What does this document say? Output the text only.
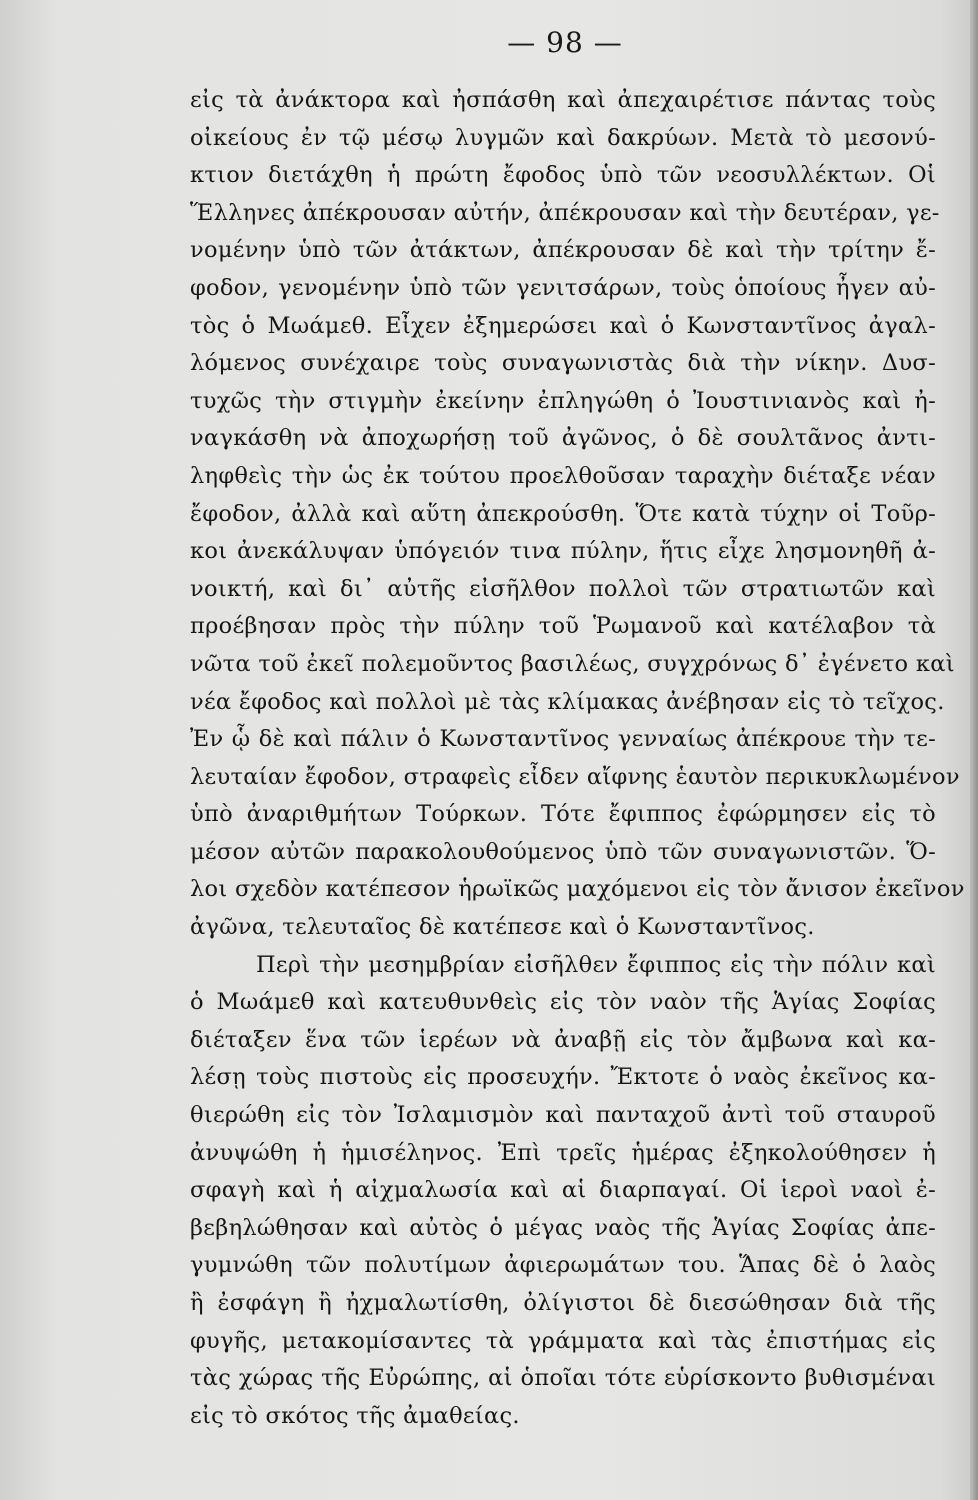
— 98 —
εἰς τὰ ἀνάκτορα καὶ ἠσπάσθη καὶ ἀπεχαιρέτισε πάντας τοὺς
οἰκείους ἐν τῷ μέσῳ λυγμῶν καὶ δακρύων. Μετὰ τὸ μεσονύ-
κτιον διετάχθη ἡ πρώτη ἔφοδος ὑπὸ τῶν νεοσυλλέκτων. Οἱ
Ἕλληνες ἀπέκρουσαν αὐτήν, ἀπέκρουσαν καὶ τὴν δευτέραν, γε-
νομένην ὑπὸ τῶν ἀτάκτων, ἀπέκρουσαν δὲ καὶ τὴν τρίτην ἔ-
φοδον, γενομένην ὑπὸ τῶν γενιτσάρων, τοὺς ὁποίους ἦγεν αὐ-
τὸς ὁ Μωάμεθ. Εἶχεν ἐξημερώσει καὶ ὁ Κωνσταντῖνος ἀγαλ-
λόμενος συνέχαιρε τοὺς συναγωνιστὰς διὰ τὴν νίκην. Δυσ-
τυχῶς τὴν στιγμὴν ἐκείνην ἐπληγώθη ὁ Ἰουστινιανὸς καὶ ἠ-
ναγκάσθη νὰ ἀποχωρήσῃ τοῦ ἀγῶνος, ὁ δὲ σουλτᾶνος ἀντι-
ληφθεὶς τὴν ὡς ἐκ τούτου προελθοῦσαν ταραχὴν διέταξε νέαν
ἔφοδον, ἀλλὰ καὶ αὕτη ἀπεκρούσθη. Ὅτε κατὰ τύχην οἱ Τοῦρ-
κοι ἀνεκάλυψαν ὑπόγειόν τινα πύλην, ἥτις εἶχε λησμονηθῆ ἀ-
νοικτή, καὶ δι᾿ αὐτῆς εἰσῆλθον πολλοὶ τῶν στρατιωτῶν καὶ
προέβησαν πρὸς τὴν πύλην τοῦ Ῥωμανοῦ καὶ κατέλαβον τὰ
νῶτα τοῦ ἐκεῖ πολεμοῦντος βασιλέως, συγχρόνως δ᾿ ἐγένετο καὶ
νέα ἔφοδος καὶ πολλοὶ μὲ τὰς κλίμακας ἀνέβησαν εἰς τὸ τεῖχος.
Ἐν ᾧ δὲ καὶ πάλιν ὁ Κωνσταντῖνος γενναίως ἀπέκρουε τὴν τε-
λευταίαν ἔφοδον, στραφεὶς εἶδεν αἴφνης ἑαυτὸν περικυκλωμένον
ὑπὸ ἀναριθμήτων Τούρκων. Τότε ἔφιππος ἐφώρμησεν εἰς τὸ
μέσον αὐτῶν παρακολουθούμενος ὑπὸ τῶν συναγωνιστῶν. Ὅ-
λοι σχεδὸν κατέπεσον ἡρωϊκῶς μαχόμενοι εἰς τὸν ἄνισον ἐκεῖνον
ἀγῶνα, τελευταῖος δὲ κατέπεσε καὶ ὁ Κωνσταντῖνος.
Περὶ τὴν μεσημβρίαν εἰσῆλθεν ἔφιππος εἰς τὴν πόλιν καὶ
ὁ Μωάμεθ καὶ κατευθυνθεὶς εἰς τὸν ναὸν τῆς Ἁγίας Σοφίας
διέταξεν ἕνα τῶν ἱερέων νὰ ἀναβῇ εἰς τὸν ἄμβωνα καὶ κα-
λέσῃ τοὺς πιστοὺς εἰς προσευχήν. Ἔκτοτε ὁ ναὸς ἐκεῖνος κα-
θιερώθη εἰς τὸν Ἰσλαμισμὸν καὶ πανταχοῦ ἀντὶ τοῦ σταυροῦ
ἀνυψώθη ἡ ἡμισέληνος. Ἐπὶ τρεῖς ἡμέρας ἐξηκολούθησεν ἡ
σφαγὴ καὶ ἡ αἰχμαλωσία καὶ αἱ διαρπαγαί. Οἱ ἱεροὶ ναοὶ ἐ-
βεβηλώθησαν καὶ αὐτὸς ὁ μέγας ναὸς τῆς Ἁγίας Σοφίας ἀπε-
γυμνώθη τῶν πολυτίμων ἀφιερωμάτων του. Ἅπας δὲ ὁ λαὸς
ἢ ἐσφάγη ἢ ἠχμαλωτίσθη, ὀλίγιστοι δὲ διεσώθησαν διὰ τῆς
φυγῆς, μετακομίσαντες τὰ γράμματα καὶ τὰς ἐπιστήμας εἰς
τὰς χώρας τῆς Εὐρώπης, αἱ ὁποῖαι τότε εὑρίσκοντο βυθισμέναι
εἰς τὸ σκότος τῆς ἀμαθείας.
